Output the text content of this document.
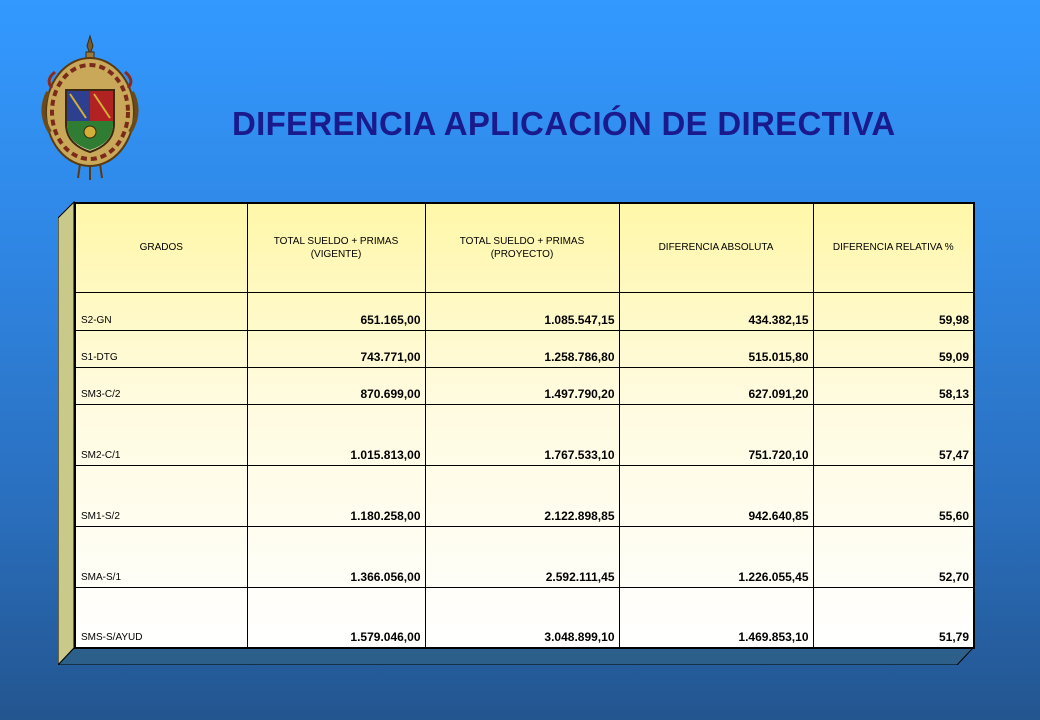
DIFERENCIA APLICACIÓN DE DIRECTIVA
GRADOS	TOTAL SUELDO + PRIMAS (VIGENTE)	TOTAL SUELDO + PRIMAS (PROYECTO)	DIFERENCIA ABSOLUTA	DIFERENCIA RELATIVA %
S2-GN	651.165,00	1.085.547,15	434.382,15	59,98
S1-DTG	743.771,00	1.258.786,80	515.015,80	59,09
SM3-C/2	870.699,00	1.497.790,20	627.091,20	58,13
SM2-C/1	1.015.813,00	1.767.533,10	751.720,10	57,47
SM1-S/2	1.180.258,00	2.122.898,85	942.640,85	55,60
SMA-S/1	1.366.056,00	2.592.111,45	1.226.055,45	52,70
SMS-S/AYUD	1.579.046,00	3.048.899,10	1.469.853,10	51,79
